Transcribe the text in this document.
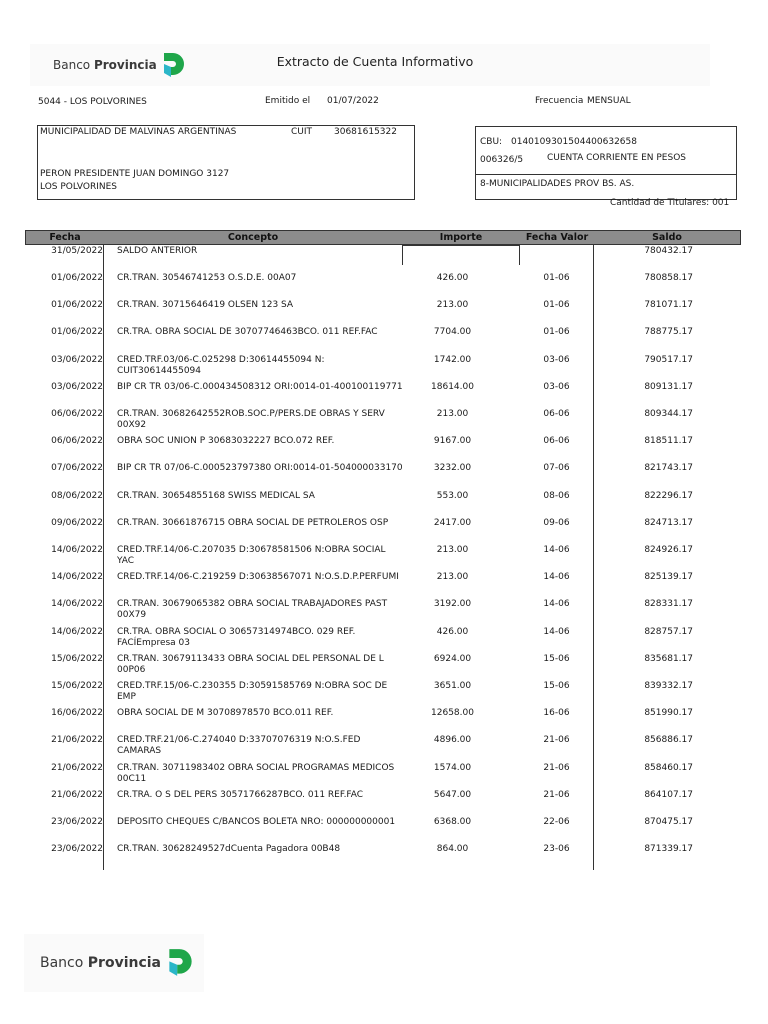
Banco Provincia	Extracto de Cuenta Informativo
5044 - LOS POLVORINES	Emitido el 01/07/2022	Frecuencia MENSUAL
MUNICIPALIDAD DE MALVINAS ARGENTINAS	CUIT 30681615322
PERON PRESIDENTE JUAN DOMINGO 3127
LOS POLVORINES
CBU: 0140109301504400632658
006326/5	CUENTA CORRIENTE EN PESOS
8-MUNICIPALIDADES PROV BS. AS.
Cantidad de Titulares: 001
Fecha	Concepto	Importe	Fecha Valor	Saldo
31/05/2022 SALDO ANTERIOR	780432.17
01/06/2022 CR.TRAN. 30546741253 O.S.D.E. 00A07	426.00	01-06	780858.17
01/06/2022 CR.TRAN. 30715646419 OLSEN 123 SA	213.00	01-06	781071.17
01/06/2022 CR.TRA. OBRA SOCIAL DE 30707746463BCO. 011 REF.FAC	7704.00	01-06	788775.17
03/06/2022 CRED.TRF.03/06-C.025298 D:30614455094 N:	1742.00	03-06	790517.17
CUIT30614455094
03/06/2022 BIP CR TR 03/06-C.000434508312 ORI:0014-01-400100119771	18614.00	03-06	809131.17
06/06/2022 CR.TRAN. 30682642552ROB.SOC.P/PERS.DE OBRAS Y SERV	213.00	06-06	809344.17
00X92
06/06/2022 OBRA SOC UNION P 30683032227 BCO.072 REF.	9167.00	06-06	818511.17
07/06/2022 BIP CR TR 07/06-C.000523797380 ORI:0014-01-504000033170	3232.00	07-06	821743.17
08/06/2022 CR.TRAN. 30654855168 SWISS MEDICAL SA	553.00	08-06	822296.17
09/06/2022 CR.TRAN. 30661876715 OBRA SOCIAL DE PETROLEROS OSP	2417.00	09-06	824713.17
14/06/2022 CRED.TRF.14/06-C.207035 D:30678581506 N:OBRA SOCIAL	213.00	14-06	824926.17
YAC
14/06/2022 CRED.TRF.14/06-C.219259 D:30638567071 N:O.S.D.P.PERFUMI	213.00	14-06	825139.17
14/06/2022 CR.TRAN. 30679065382 OBRA SOCIAL TRABAJADORES PAST	3192.00	14-06	828331.17
00X79
14/06/2022 CR.TRA. OBRA SOCIAL O 30657314974BCO. 029 REF.	426.00	14-06	828757.17
FACÍEmpresa 03
15/06/2022 CR.TRAN. 30679113433 OBRA SOCIAL DEL PERSONAL DE L	6924.00	15-06	835681.17
00P06
15/06/2022 CRED.TRF.15/06-C.230355 D:30591585769 N:OBRA SOC DE	3651.00	15-06	839332.17
EMP
16/06/2022 OBRA SOCIAL DE M 30708978570 BCO.011 REF.	12658.00	16-06	851990.17
21/06/2022 CRED.TRF.21/06-C.274040 D:33707076319 N:O.S.FED	4896.00	21-06	856886.17
CAMARAS
21/06/2022 CR.TRAN. 30711983402 OBRA SOCIAL PROGRAMAS MEDICOS	1574.00	21-06	858460.17
00C11
21/06/2022 CR.TRA. O S DEL PERS 30571766287BCO. 011 REF.FAC	5647.00	21-06	864107.17
23/06/2022 DEPOSITO CHEQUES C/BANCOS BOLETA NRO: 000000000001	6368.00	22-06	870475.17
23/06/2022 CR.TRAN. 30628249527dCuenta Pagadora 00B48	864.00	23-06	871339.17
Banco Provincia
